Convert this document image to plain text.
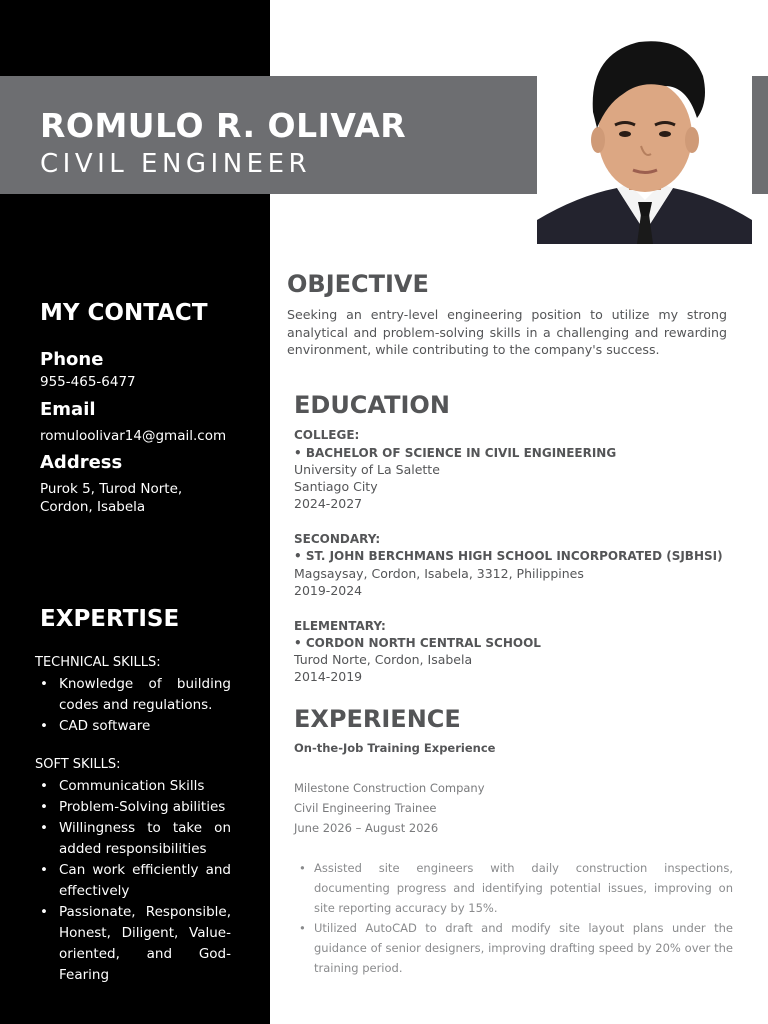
ROMULO R. OLIVAR
CIVIL ENGINEER
MY CONTACT
Phone
955-465-6477
Email
romuloolivar14@gmail.com
Address
Purok 5, Turod Norte,
Cordon, Isabela
EXPERTISE
TECHNICAL SKILLS:
• Knowledge of building codes and regulations.
• CAD software
SOFT SKILLS:
• Communication Skills
• Problem-Solving abilities
• Willingness to take on added responsibilities
• Can work efficiently and effectively
• Passionate, Responsible, Honest, Diligent, Value-oriented, and God-Fearing
OBJECTIVE
Seeking an entry-level engineering position to utilize my strong analytical and problem-solving skills in a challenging and rewarding environment, while contributing to the company's success.
EDUCATION
COLLEGE:
• BACHELOR OF SCIENCE IN CIVIL ENGINEERING
University of La Salette
Santiago City
2024-2027
SECONDARY:
• ST. JOHN BERCHMANS HIGH SCHOOL INCORPORATED (SJBHSI)
Magsaysay, Cordon, Isabela, 3312, Philippines
2019-2024
ELEMENTARY:
• CORDON NORTH CENTRAL SCHOOL
Turod Norte, Cordon, Isabela
2014-2019
EXPERIENCE
On-the-Job Training Experience
Milestone Construction Company
Civil Engineering Trainee
June 2026 – August 2026
• Assisted site engineers with daily construction inspections, documenting progress and identifying potential issues, improving on site reporting accuracy by 15%.
• Utilized AutoCAD to draft and modify site layout plans under the guidance of senior designers, improving drafting speed by 20% over the training period.
